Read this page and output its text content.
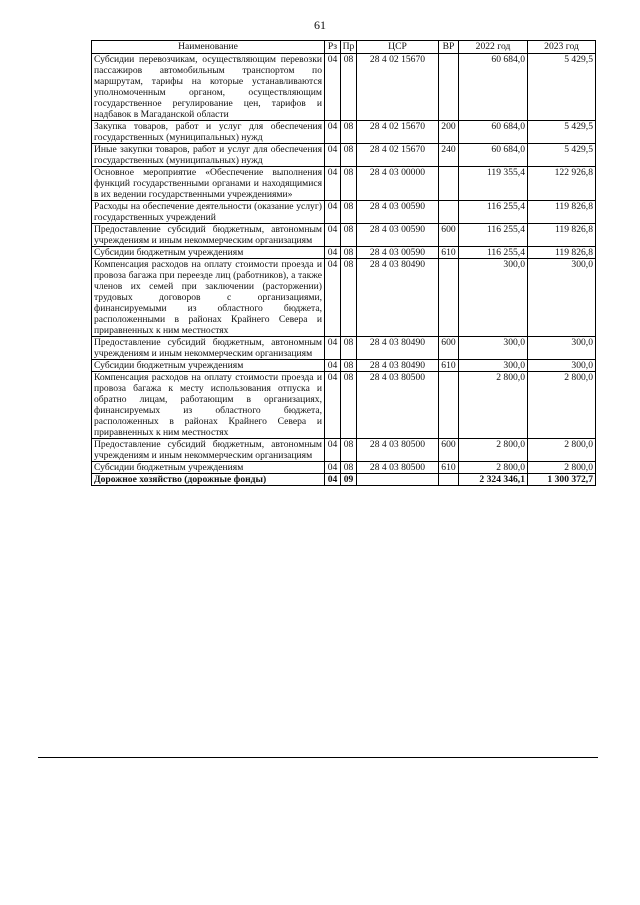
61
Наименование	Рз	Пр	ЦСР	ВР	2022 год	2023 год
Субсидии перевозчикам, осуществляющим перевозки пассажиров автомобильным транспортом по маршрутам, тарифы на которые устанавливаются уполномоченным органом, осуществляющим государственное регулирование цен, тарифов и надбавок в Магаданской области	04	08	28 4 02 15670		60 684,0	5 429,5
Закупка товаров, работ и услуг для обеспечения государственных (муниципальных) нужд	04	08	28 4 02 15670	200	60 684,0	5 429,5
Иные закупки товаров, работ и услуг для обеспечения государственных (муниципальных) нужд	04	08	28 4 02 15670	240	60 684,0	5 429,5
Основное мероприятие «Обеспечение выполнения функций государственными органами и находящимися в их ведении государственными учреждениями»	04	08	28 4 03 00000		119 355,4	122 926,8
Расходы на обеспечение деятельности (оказание услуг) государственных учреждений	04	08	28 4 03 00590		116 255,4	119 826,8
Предоставление субсидий бюджетным, автономным учреждениям и иным некоммерческим организациям	04	08	28 4 03 00590	600	116 255,4	119 826,8
Субсидии бюджетным учреждениям	04	08	28 4 03 00590	610	116 255,4	119 826,8
Компенсация расходов на оплату стоимости проезда и провоза багажа при переезде лиц (работников), а также членов их семей при заключении (расторжении) трудовых договоров с организациями, финансируемыми из областного бюджета, расположенными в районах Крайнего Севера и приравненных к ним местностях	04	08	28 4 03 80490		300,0	300,0
Предоставление субсидий бюджетным, автономным учреждениям и иным некоммерческим организациям	04	08	28 4 03 80490	600	300,0	300,0
Субсидии бюджетным учреждениям	04	08	28 4 03 80490	610	300,0	300,0
Компенсация расходов на оплату стоимости проезда и провоза багажа к месту использования отпуска и обратно лицам, работающим в организациях, финансируемых из областного бюджета, расположенных в районах Крайнего Севера и приравненных к ним местностях	04	08	28 4 03 80500		2 800,0	2 800,0
Предоставление субсидий бюджетным, автономным учреждениям и иным некоммерческим организациям	04	08	28 4 03 80500	600	2 800,0	2 800,0
Субсидии бюджетным учреждениям	04	08	28 4 03 80500	610	2 800,0	2 800,0
Дорожное хозяйство (дорожные фонды)	04	09			2 324 346,1	1 300 372,7
